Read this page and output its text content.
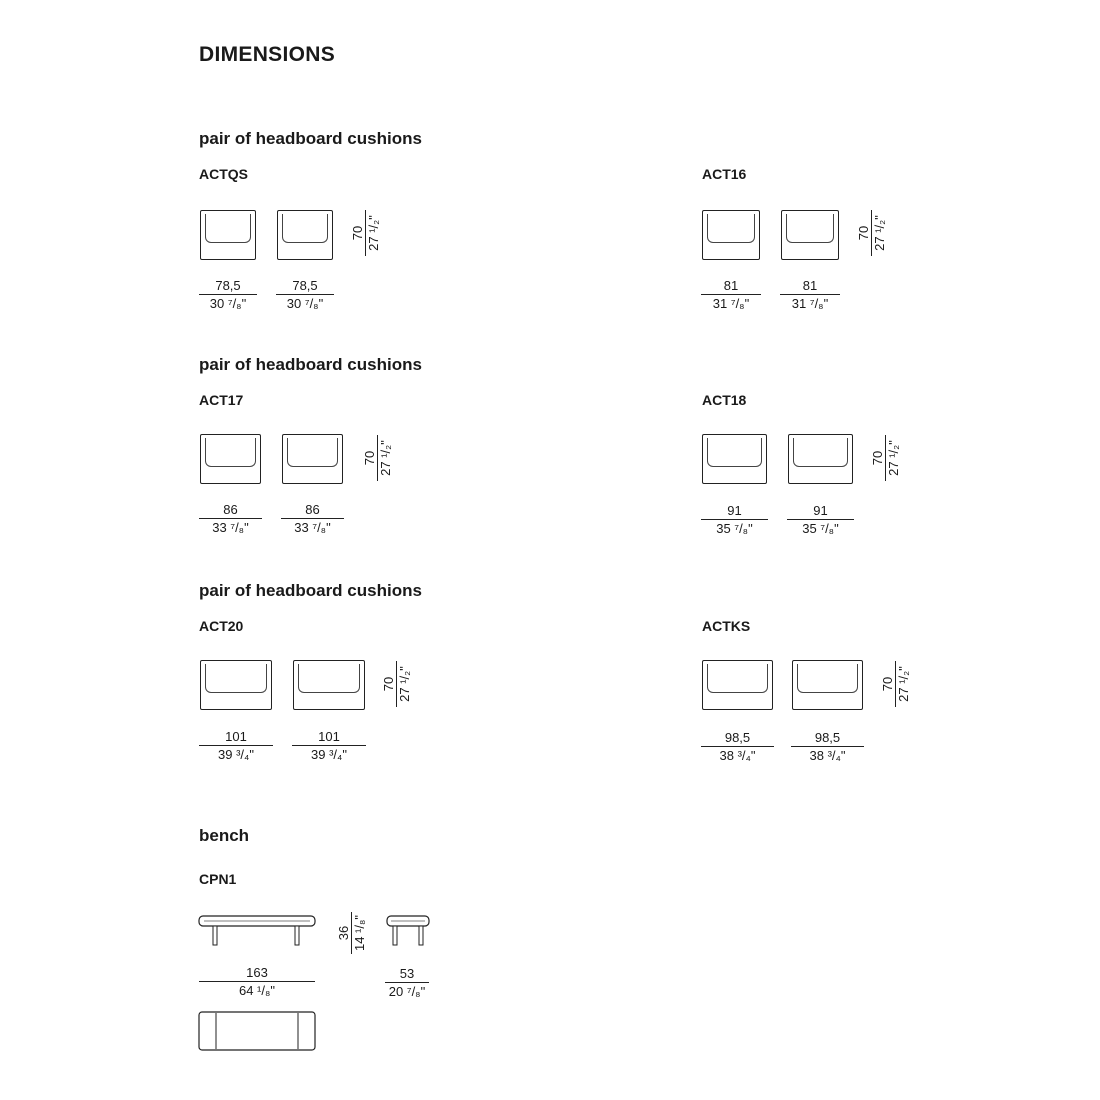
DIMENSIONS
pair of headboard cushions
pair of headboard cushions
pair of headboard cushions
bench
ACTQS
70 27 ¹/₂"
78,5
30 ⁷/₈"
78,5
30 ⁷/₈"
ACT16
70 27 ¹/₂"
81
31 ⁷/₈"
81
31 ⁷/₈"
ACT17
70 27 ¹/₂"
86
33 ⁷/₈"
86
33 ⁷/₈"
ACT18
70 27 ¹/₂"
91
35 ⁷/₈"
91
35 ⁷/₈"
ACT20
70 27 ¹/₂"
101
39 ³/₄"
101
39 ³/₄"
ACTKS
70 27 ¹/₂"
98,5
38 ³/₄"
98,5
38 ³/₄"
CPN1
36 14 ¹/₈"
163
64 ¹/₈"
53
20 ⁷/₈"
